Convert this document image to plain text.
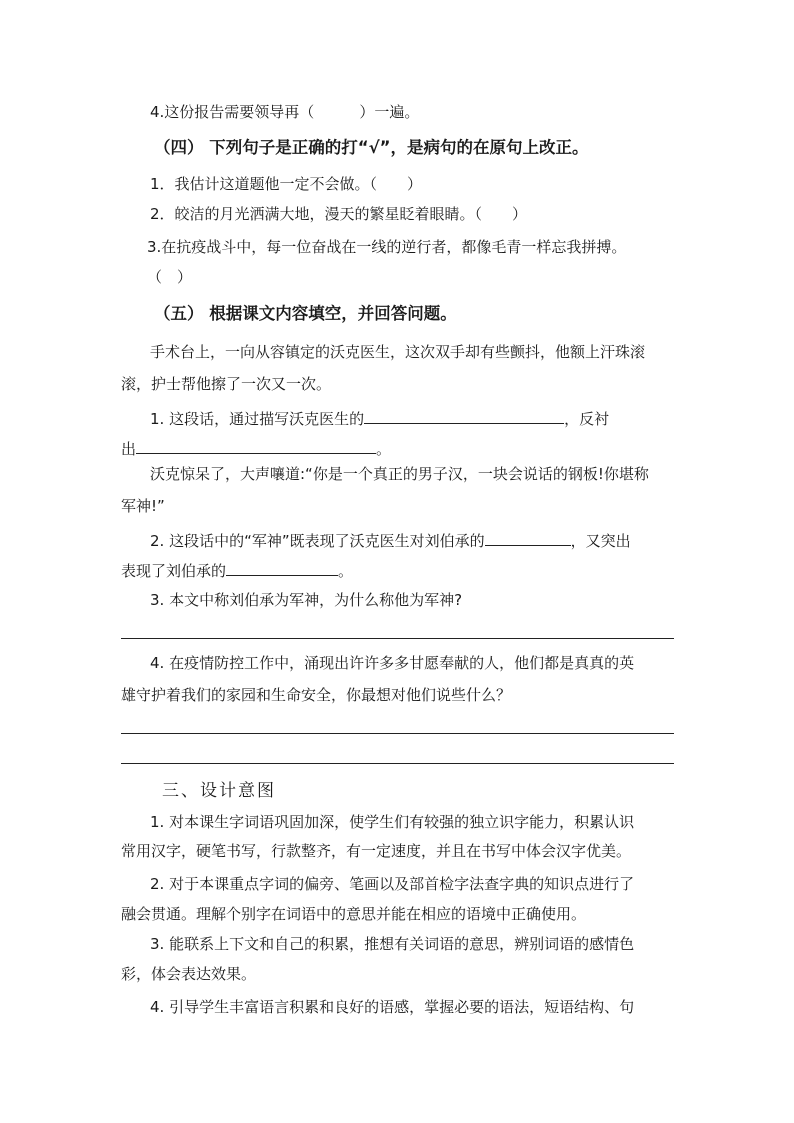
4.这份报告需要领导再（　　　）一遍。
（四） 下列句子是正确的打“√”，是病句的在原句上改正。
1．我估计这道题他一定不会做。（　　）
2．皎洁的月光洒满大地，漫天的繁星眨着眼睛。（　　）
3.在抗疫战斗中，每一位奋战在一线的逆行者，都像毛青一样忘我拼搏。
（　）
（五） 根据课文内容填空，并回答问题。
手术台上，一向从容镇定的沃克医生，这次双手却有些颤抖，他额上汗珠滚
滚，护士帮他擦了一次又一次。
1. 这段话，通过描写沃克医生的	，反衬
出	。
沃克惊呆了，大声嚷道:“你是一个真正的男子汉，一块会说话的钢板!你堪称
军神!”
2. 这段话中的“军神”既表现了沃克医生对刘伯承的	，又突出
表现了刘伯承的	。
3. 本文中称刘伯承为军神，为什么称他为军神?
4. 在疫情防控工作中，涌现出许许多多甘愿奉献的人，他们都是真真的英
雄守护着我们的家园和生命安全，你最想对他们说些什么？
三、设计意图
1. 对本课生字词语巩固加深，使学生们有较强的独立识字能力，积累认识
常用汉字，硬笔书写，行款整齐，有一定速度，并且在书写中体会汉字优美。
2. 对于本课重点字词的偏旁、笔画以及部首检字法查字典的知识点进行了
融会贯通。理解个别字在词语中的意思并能在相应的语境中正确使用。
3. 能联系上下文和自己的积累，推想有关词语的意思，辨别词语的感情色
彩，体会表达效果。
4. 引导学生丰富语言积累和良好的语感，掌握必要的语法，短语结构、句
